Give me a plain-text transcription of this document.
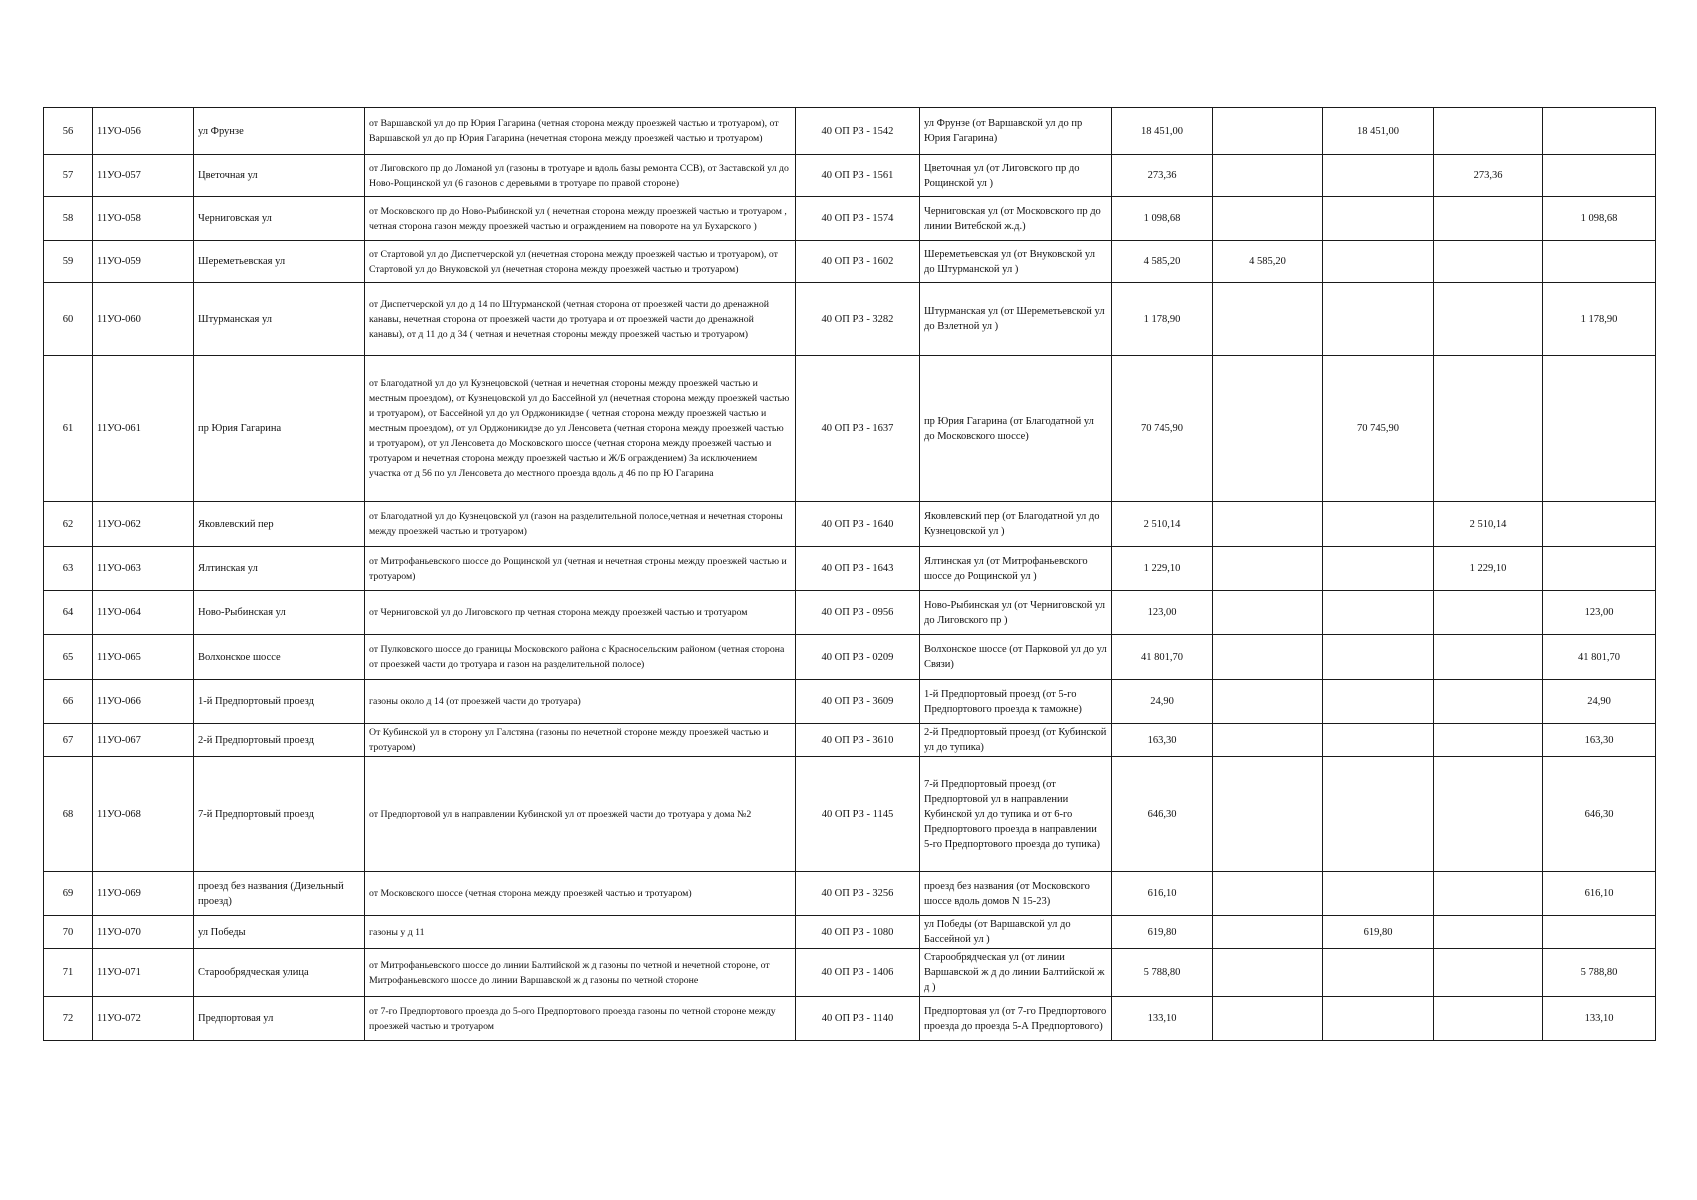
56	11УО-056	ул Фрунзе	от Варшавской ул до пр Юрия Гагарина (четная сторона между проезжей частью и тротуаром), от Варшавской ул до пр Юрия Гагарина (нечетная сторона между проезжей частью и тротуаром)	40 ОП РЗ - 1542	ул Фрунзе (от Варшавской ул до пр Юрия Гагарина)	18 451,00		18 451,00		
57	11УО-057	Цветочная ул	от Лиговского пр до Ломаной ул (газоны в тротуаре и вдоль базы ремонта ССВ), от Заставской ул до Ново-Рощинской ул (6 газонов с деревьями в тротуаре по правой стороне)	40 ОП РЗ - 1561	Цветочная ул (от Лиговского пр до Рощинской ул )	273,36			273,36	
58	11УО-058	Черниговская ул	от Московского пр до Ново-Рыбинской ул ( нечетная сторона между проезжей частью и тротуаром , четная сторона газон между проезжей частью и ограждением на повороте на ул Бухарского )	40 ОП РЗ - 1574	Черниговская ул (от Московского пр до линии Витебской ж.д.)	1 098,68				1 098,68
59	11УО-059	Шереметьевская ул	от Стартовой ул до Диспетчерской ул (нечетная сторона между проезжей частью и тротуаром), от Стартовой ул до Внуковской ул (нечетная сторона между проезжей частью и тротуаром)	40 ОП РЗ - 1602	Шереметьевская ул (от Внуковской ул до Штурманской ул )	4 585,20	4 585,20			
60	11УО-060	Штурманская ул	от Диспетчерской ул до д 14 по Штурманской (четная сторона от проезжей части до дренажной канавы, нечетная сторона от проезжей части до тротуара и от проезжей части до дренажной канавы), от д 11 до д 34 ( четная и нечетная стороны между проезжей частью и тротуаром)	40 ОП РЗ - 3282	Штурманская ул (от Шереметьевской ул до Взлетной ул )	1 178,90				1 178,90
61	11УО-061	пр Юрия Гагарина	от Благодатной ул до ул Кузнецовской (четная и нечетная стороны между проезжей частью и местным проездом), от Кузнецовской ул до Бассейной ул (нечетная сторона между проезжей частью и тротуаром), от Бассейной ул до ул Орджоникидзе ( четная сторона между проезжей частью и местным проездом), от ул Орджоникидзе до ул Ленсовета (четная сторона между проезжей частью и тротуаром), от ул Ленсовета до Московского шоссе (четная сторона между проезжей частью и тротуаром и нечетная сторона между проезжей частью и Ж/Б ограждением) За исключением участка от д 56 по ул Ленсовета до местного проезда вдоль д 46 по пр Ю Гагарина	40 ОП РЗ - 1637	пр Юрия Гагарина (от Благодатной ул до Московского шоссе)	70 745,90		70 745,90		
62	11УО-062	Яковлевский пер	от Благодатной ул до Кузнецовской ул (газон на разделительной полосе,четная и нечетная стороны между проезжей частью и тротуаром)	40 ОП РЗ - 1640	Яковлевский пер (от Благодатной ул до Кузнецовской ул )	2 510,14			2 510,14	
63	11УО-063	Ялтинская ул	от Митрофаньевского шоссе до Рощинской ул (четная и нечетная строны между проезжей частью и тротуаром)	40 ОП РЗ - 1643	Ялтинская ул (от Митрофаньевского шоссе до Рощинской ул )	1 229,10			1 229,10	
64	11УО-064	Ново-Рыбинская ул	от Черниговской ул до Лиговского пр четная сторона между проезжей частью и тротуаром	40 ОП РЗ - 0956	Ново-Рыбинская ул (от Черниговской ул до Лиговского пр )	123,00				123,00
65	11УО-065	Волхонское шоссе	от Пулковского шоссе до границы Московского района с Красносельским районом (четная сторона от проезжей части до тротуара и газон на разделительной полосе)	40 ОП РЗ - 0209	Волхонское шоссе (от Парковой ул до ул Связи)	41 801,70				41 801,70
66	11УО-066	1-й Предпортовый проезд	газоны около д 14 (от проезжей части до тротуара)	40 ОП РЗ - 3609	1-й Предпортовый проезд (от 5-го Предпортового проезда к таможне)	24,90				24,90
67	11УО-067	2-й Предпортовый проезд	От Кубинской ул в сторону ул Галстяна (газоны по нечетной стороне между проезжей частью и тротуаром)	40 ОП РЗ - 3610	2-й Предпортовый проезд (от Кубинской ул до тупика)	163,30				163,30
68	11УО-068	7-й Предпортовый проезд	от Предпортовой ул в направлении Кубинской ул от проезжей части до тротуара у дома №2	40 ОП РЗ - 1145	7-й Предпортовый проезд (от Предпортовой ул в направлении Кубинской ул до тупика и от 6-го Предпортового проезда в направлении 5-го Предпортового проезда до тупика)	646,30				646,30
69	11УО-069	проезд без названия (Дизельный проезд)	от Московского шоссе (четная сторона между проезжей частью и тротуаром)	40 ОП РЗ - 3256	проезд без названия (от Московского шоссе вдоль домов N 15-23)	616,10				616,10
70	11УО-070	ул Победы	газоны у д 11	40 ОП РЗ - 1080	ул Победы (от Варшавской ул до Бассейной ул )	619,80		619,80		
71	11УО-071	Старообрядческая улица	от Митрофаньевского шоссе до линии Балтийской ж д газоны по четной и нечетной стороне, от Митрофаньевского шоссе до линии Варшавской ж д газоны по четной стороне	40 ОП РЗ - 1406	Старообрядческая ул (от линии Варшавской ж д до линии Балтийской ж д )	5 788,80				5 788,80
72	11УО-072	Предпортовая ул	от 7-го Предпортового проезда до 5-ого Предпортового проезда газоны по четной стороне между проезжей частью и тротуаром	40 ОП РЗ - 1140	Предпортовая ул (от 7-го Предпортового проезда до проезда 5-А Предпортового)	133,10				133,10
